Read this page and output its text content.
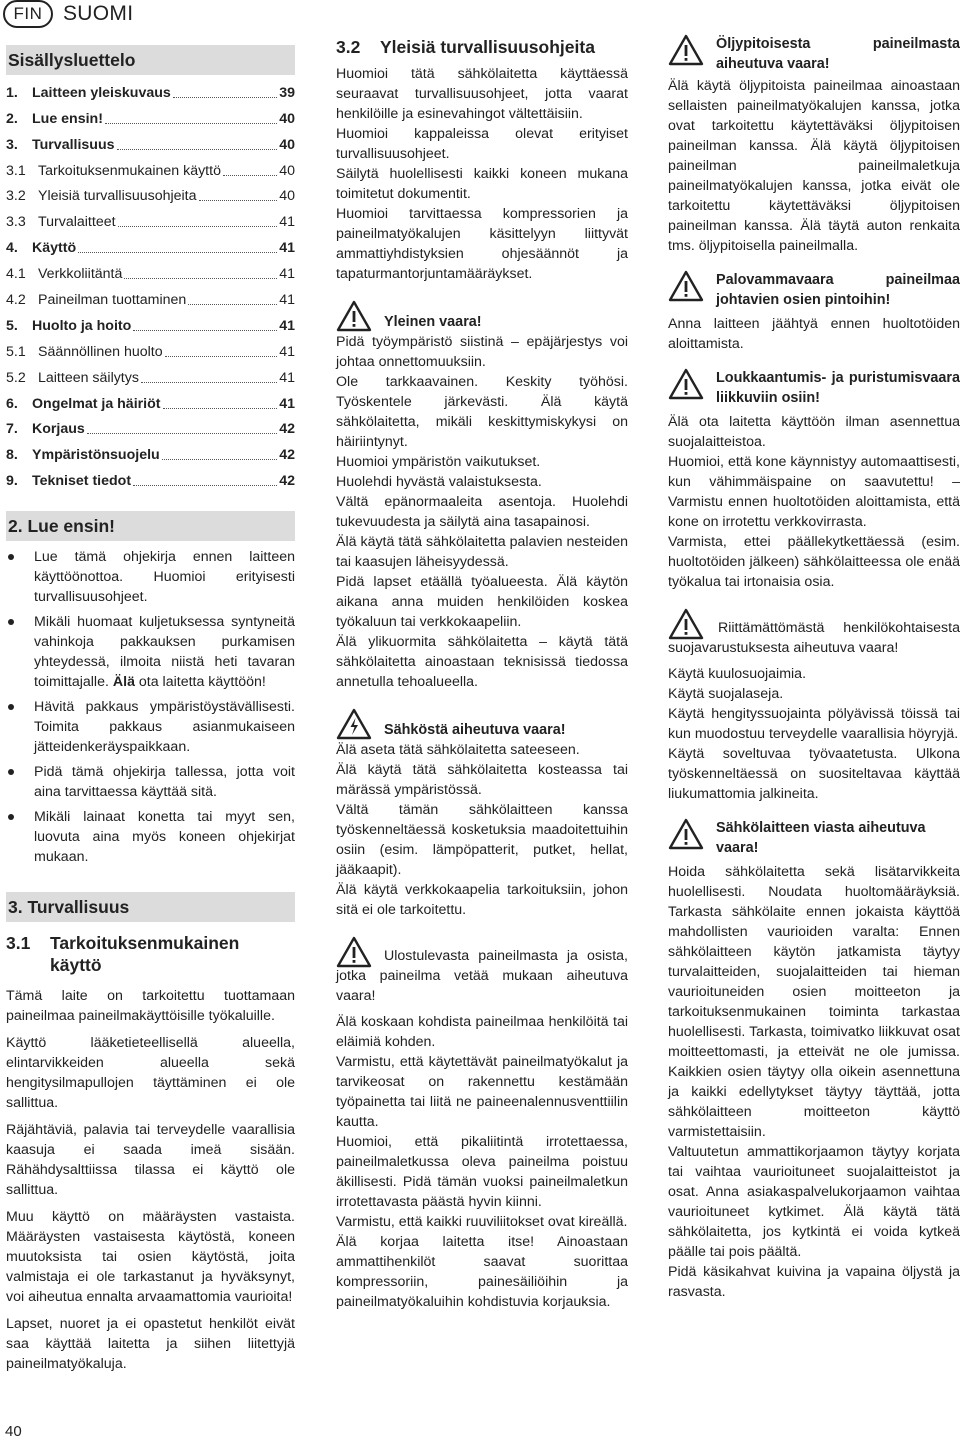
FIN SUOMI
Sisällysluettelo
1. Laitteen yleiskuvaus	39
2. Lue ensin!	40
3. Turvallisuus	40
3.1 Tarkoituksenmukainen käyttö	40
3.2 Yleisiä turvallisuusohjeita	40
3.3 Turvalaitteet	41
4. Käyttö	41
4.1 Verkkoliitäntä	41
4.2 Paineilman tuottaminen	41
5. Huolto ja hoito	41
5.1 Säännöllinen huolto	41
5.2 Laitteen säilytys	41
6. Ongelmat ja häiriöt	41
7. Korjaus	42
8. Ympäristönsuojelu	42
9. Tekniset tiedot	42
2. Lue ensin!
Lue tämä ohjekirja ennen laitteen käyttöönottoa. Huomioi erityisesti turvallisuusohjeet.
Mikäli huomaat kuljetuksessa syntyneitä vahinkoja pakkauksen purkamisen yhteydessä, ilmoita niistä heti tavaran toimittajalle. Älä ota laitetta käyttöön!
Hävitä pakkaus ympäristöystävällisesti. Toimita pakkaus asianmukaiseen jätteidenkeräyspaikkaan.
Pidä tämä ohjekirja tallessa, jotta voit aina tarvittaessa käyttää sitä.
Mikäli lainaat konetta tai myyt sen, luovuta aina myös koneen ohjekirjat mukaan.
3. Turvallisuus
3.1	Tarkoituksenmukainen käyttö

Tämä laite on tarkoitettu tuottamaan paineilmaa paineilmakäyttöisille työkaluille.

Käyttö lääketieteellisellä alueella, elintarvikkeiden alueella sekä hengitysilmapullojen täyttäminen ei ole sallittua.

Räjähtäviä, palavia tai terveydelle vaarallisia kaasuja ei saada imeä sisään. Rähähdysalttiissa tilassa ei käyttö ole sallittua.

Muu käyttö on määräysten vastaista. Määräysten vastaisesta käytöstä, koneen muutoksista tai osien käytöstä, joita valmistaja ei ole tarkastanut ja hyväksynyt, voi aiheutua ennalta arvaamattomia vaurioita!

Lapset, nuoret ja ei opastetut henkilöt eivät saa käyttää laitetta ja siihen liitettyjä paineilmatyökaluja.

3.2	Yleisiä turvallisuusohjeita

Huomioi tätä sähkölaitetta käyttäessä seuraavat turvallisuusohjeet, jotta vaarat henkilöille ja esinevahingot vältettäisiin.

Huomioi kappaleissa olevat erityiset turvallisuusohjeet.

Säilytä huolellisesti kaikki koneen mukana toimitetut dokumentit.

Huomioi tarvittaessa kompressorien ja paineilmatyökalujen käsittelyyn liittyvät ammattiyhdistyksien ohjesäännöt ja tapaturmantorjuntamääräykset.

Yleinen vaara!

Pidä työympäristö siistinä – epäjärjestys voi johtaa onnettomuuksiin.

Ole tarkkaavainen. Keskity työhösi. Työskentele järkevästi. Älä käytä sähkölaitetta, mikäli keskittymiskykysi on häiriintynyt.

Huomioi ympäristön vaikutukset.

Huolehdi hyvästä valaistuksesta.

Vältä epänormaaleita asentoja. Huolehdi tukevuudesta ja säilytä aina tasapainosi.

Älä käytä tätä sähkölaitetta palavien nesteiden tai kaasujen läheisyydessä.

Pidä lapset etäällä työalueesta. Älä käytön aikana anna muiden henkilöiden koskea työkaluun tai verkkokaapeliin.

Älä ylikuormita sähkölaitetta – käytä tätä sähkölaitetta ainoastaan teknisissä tiedossa annetulla tehoalueella.

Sähköstä aiheutuva vaara!

Älä aseta tätä sähkölaitetta sateeseen.

Älä käytä tätä sähkölaitetta kosteassa tai märässä ympäristössä.

Vältä tämän sähkölaitteen kanssa työskenneltäessä kosketuksia maadoitettuihin osiin (esim. lämpöpatterit, putket, hellat, jääkaapit).

Älä käytä verkkokaapelia tarkoituksiin, johon sitä ei ole tarkoitettu.

Ulostulevasta paineilmasta ja osista, jotka paineilma vetää mukaan aiheutuva vaara!

Älä koskaan kohdista paineilmaa henkilöitä tai eläimiä kohden.

Varmistu, että käytettävät paineilmatyökalut ja tarvikeosat on rakennettu kestämään työpainetta tai liitä ne paineenalennusventtiilin kautta.

Huomioi, että pikaliitintä irrotettaessa, paineilmaletkussa oleva paineilma poistuu äkillisesti. Pidä tämän vuoksi paineilmaletkun irrotettavasta päästä hyvin kiinni.

Varmistu, että kaikki ruuviliitokset ovat kireällä.

Älä korjaa laitetta itse! Ainoastaan ammattihenkilöt saavat suorittaa kompressoriin, painesäiliöihin ja paineilmatyökaluihin kohdistuvia korjauksia.

Öljypitoisesta paineilmasta aiheutuva vaara!

Älä käytä öljypitoista paineilmaa ainoastaan sellaisten paineilmatyökalujen kanssa, jotka ovat tarkoitettu käytettäväksi öljypitoisen paineilman kanssa. Älä käytä öljypitoisen paineilman paineilmaletkuja paineilmatyökalujen kanssa, jotka eivät ole tarkoitettu käytettäväksi öljypitoisen paineilman kanssa. Älä täytä auton renkaita tms. öljypitoisella paineilmalla.

Palovammavaara paineilmaa johtavien osien pintoihin!

Anna laitteen jäähtyä ennen huoltotöiden aloittamista.

Loukkaantumis- ja puristumisvaara liikkuviin osiin!

Älä ota laitetta käyttöön ilman asennettua suojalaitteistoa.

Huomioi, että kone käynnistyy automaattisesti, kun vähimmäispaine on saavutettu! – Varmistu ennen huoltotöiden aloittamista, että kone on irrotettu verkkovirrasta.

Varmista, ettei päällekytkettäessä (esim. huoltotöiden jälkeen) sähkölaitteessa ole enää työkalua tai irtonaisia osia.

Riittämättömästä henkilökohtaisesta suojavarustuksesta aiheutuva vaara!

Käytä kuulosuojaimia.

Käytä suojalaseja.

Käytä hengityssuojainta pölyävissä töissä tai kun muodostuu terveydelle vaarallisia höyryjä.

Käytä soveltuvaa työvaatetusta. Ulkona työskenneltäessä on suositeltavaa käyttää liukumattomia jalkineita.

Sähkölaitteen viasta aiheutuva vaara!

Hoida sähkölaitetta sekä lisätarvikkeita huolellisesti. Noudata huoltomääräyksiä. Tarkasta sähkölaite ennen jokaista käyttöä mahdollisten vaurioiden varalta: Ennen sähkölaitteen käytön jatkamista täytyy turvalaitteiden, suojalaitteiden tai hieman vaurioituneiden osien moitteeton ja tarkoituksenmukainen toiminta tarkastaa huolellisesti. Tarkasta, toimivatko liikkuvat osat moitteettomasti, ja etteivät ne ole jumissa. Kaikkien osien täytyy olla oikein asennettuna ja kaikki edellytykset täytyy täyttää, jotta sähkölaitteen moitteeton käyttö varmistettaisiin.

Valtuutetun ammattikorjaamon täytyy korjata tai vaihtaa vaurioituneet suojalaitteistot ja osat. Anna asiakaspalvelukorjaamon vaihtaa vaurioituneet kytkimet. Älä käytä tätä sähkölaitetta, jos kytkintä ei voida kytkeä päälle tai pois päältä.

Pidä käsikahvat kuivina ja vapaina öljystä ja rasvasta.

40
